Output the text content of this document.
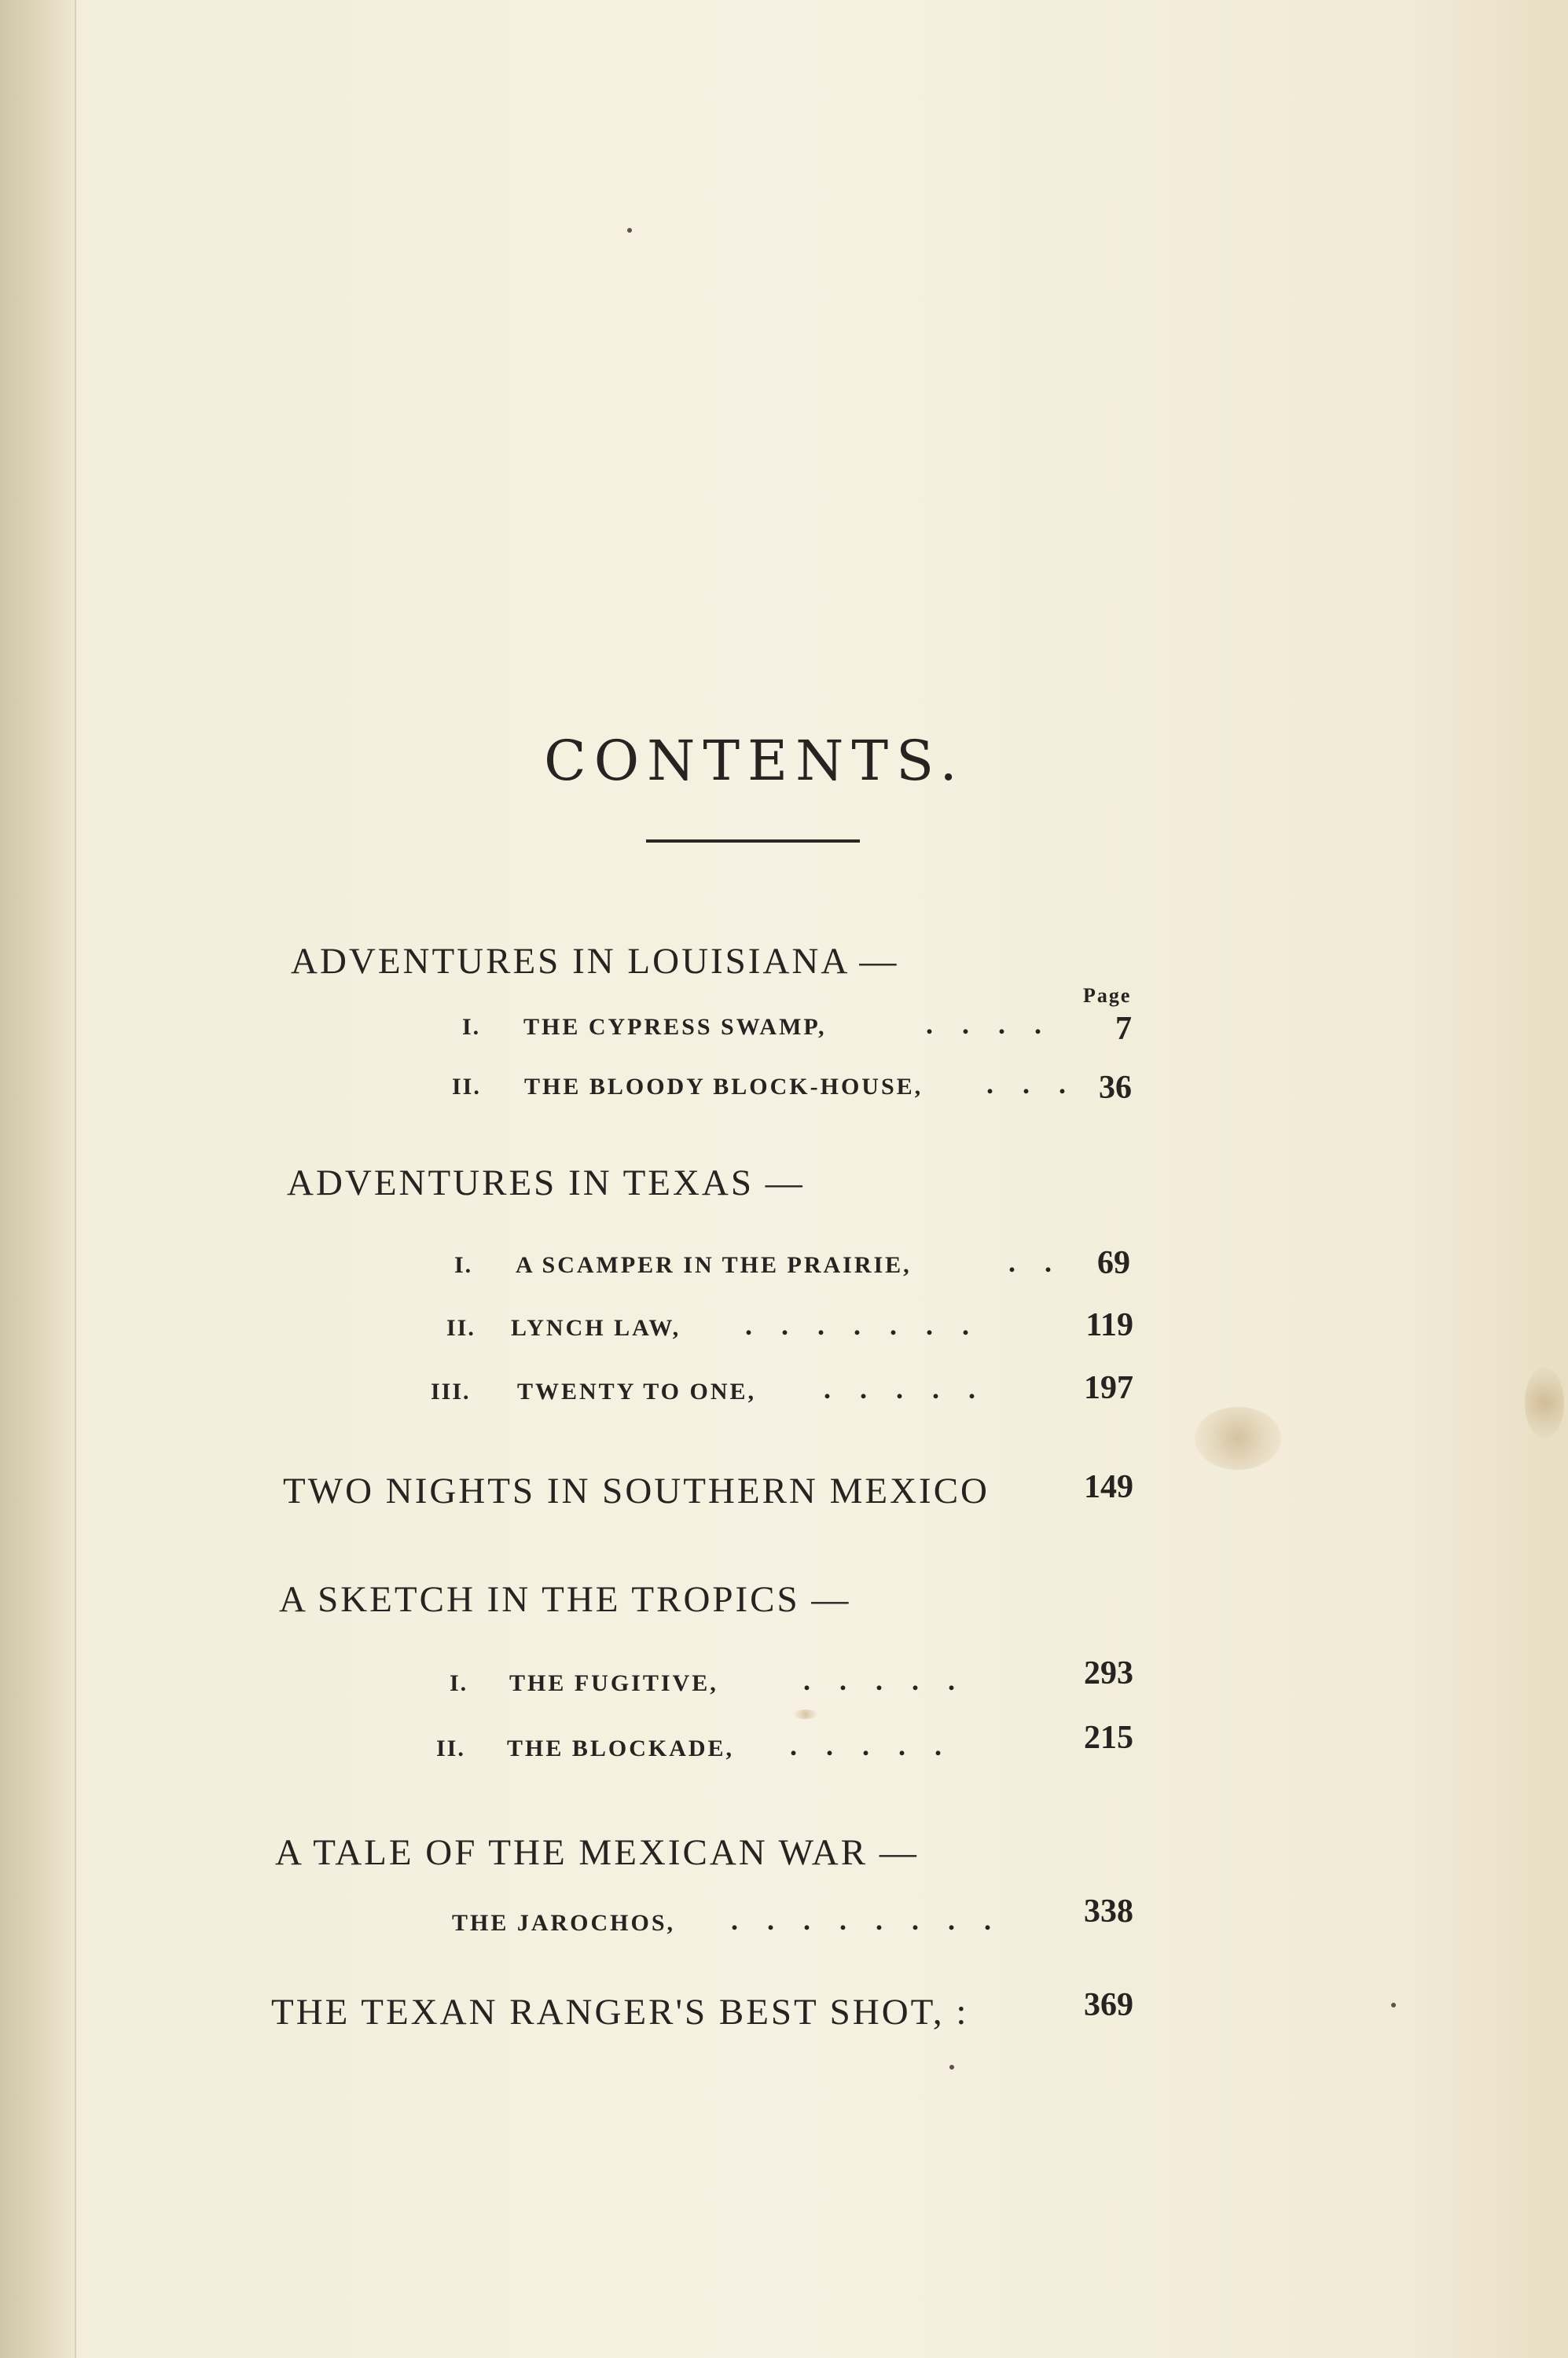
CONTENTS.
ADVENTURES IN LOUISIANA —
Page
I. THE CYPRESS SWAMP,	. . . .	7
II. THE BLOODY BLOCK-HOUSE, . . . 36
ADVENTURES IN TEXAS —
I. A SCAMPER IN THE PRAIRIE,	. .	69
II. LYNCH LAW, . . . . . . .	119
III. TWENTY TO ONE, . . . . .	197
TWO NIGHTS IN SOUTHERN MEXICO	149
A SKETCH IN THE TROPICS —
I. THE FUGITIVE,	. . . . .	293
II. THE BLOCKADE, . . . . .	215
A TALE OF THE MEXICAN WAR —
THE JAROCHOS, . . . . . . . .	338
THE TEXAN RANGER'S BEST SHOT, :	369
